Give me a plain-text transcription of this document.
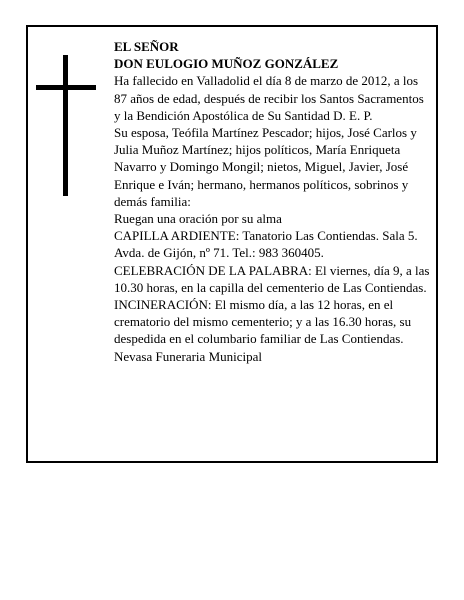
EL SEÑOR

DON EULOGIO MUÑOZ GONZÁLEZ

Ha fallecido en Valladolid el día 8 de marzo de 2012, a los 87 años de edad, después de recibir los Santos Sacramentos y la Bendición Apostólica de Su Santidad D. E. P.

Su esposa, Teófila Martínez Pescador; hijos, José Carlos y Julia Muñoz Martínez; hijos políticos, María Enriqueta Navarro y Domingo Mongil; nietos, Miguel, Javier, José Enrique e Iván; hermano, hermanos políticos, sobrinos y demás familia:

Ruegan una oración por su alma

CAPILLA ARDIENTE: Tanatorio Las Contiendas. Sala 5. Avda. de Gijón, nº 71. Tel.: 983 360405.

CELEBRACIÓN DE LA PALABRA: El viernes, día 9, a las 10.30 horas, en la capilla del cementerio de Las Contiendas.

INCINERACIÓN: El mismo día, a las 12 horas, en el crematorio del mismo cementerio; y a las 16.30 horas, su despedida en el columbario familiar de Las Contiendas.

Nevasa Funeraria Municipal
